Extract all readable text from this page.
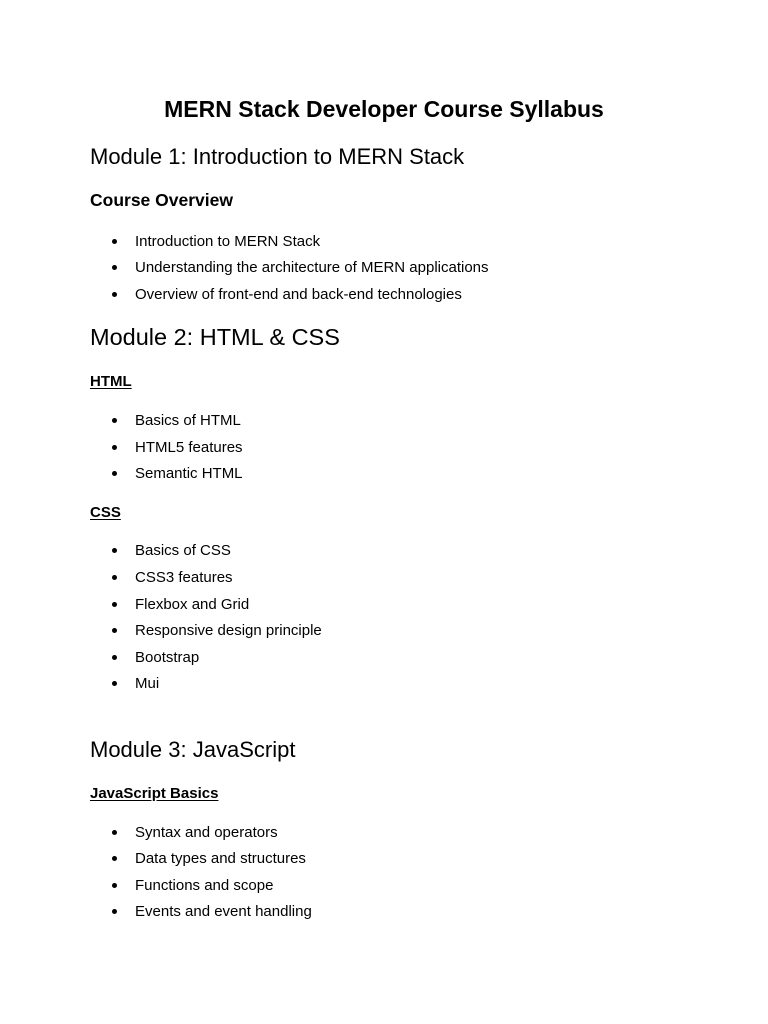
MERN Stack Developer Course Syllabus
Module 1: Introduction to MERN Stack
Course Overview
Introduction to MERN Stack
Understanding the architecture of MERN applications
Overview of front-end and back-end technologies
Module 2: HTML & CSS
HTML
Basics of HTML
HTML5 features
Semantic HTML
CSS
Basics of CSS
CSS3 features
Flexbox and Grid
Responsive design principle
Bootstrap
Mui
Module 3: JavaScript
JavaScript Basics
Syntax and operators
Data types and structures
Functions and scope
Events and event handling
